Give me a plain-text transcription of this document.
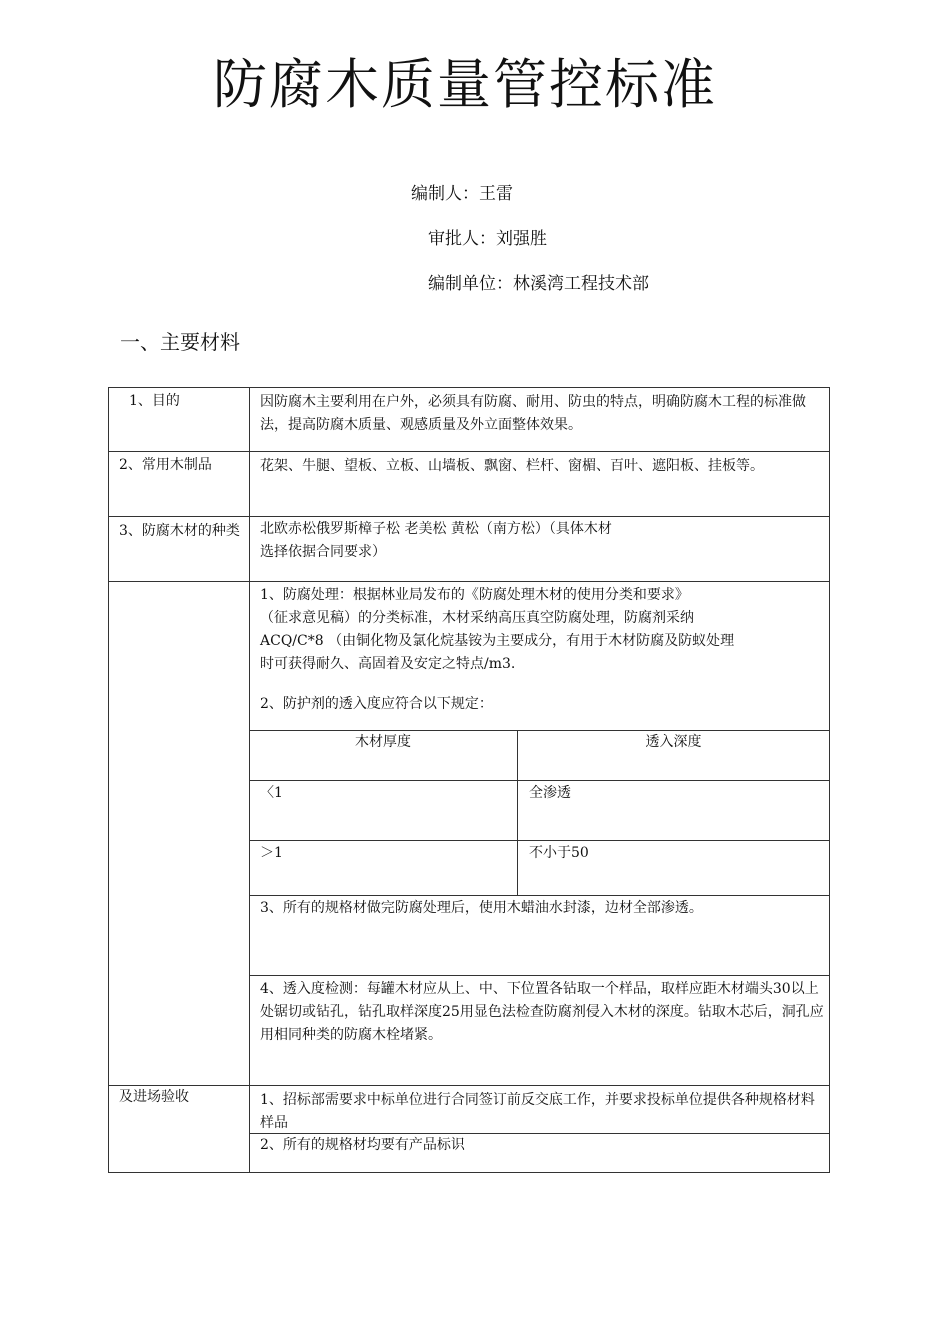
防腐木质量管控标准
编制人：王雷
审批人：刘强胜
编制单位：林溪湾工程技术部
一、主要材料
1、目的	因防腐木主要利用在户外，必须具有防腐、耐用、防虫的特点，明确防腐木工程的标准做法，提高防腐木质量、观感质量及外立面整体效果。
2、常用木制品	花架、牛腿、望板、立板、山墙板、飘窗、栏杆、窗楣、百叶、遮阳板、挂板等。
3、防腐木材的种类	北欧赤松俄罗斯樟子松 老美松 黄松（南方松）（具体木材
选择依据合同要求）
1、防腐处理：根据林业局发布的《防腐处理木材的使用分类和要求》
（征求意见稿）的分类标准，木材采纳高压真空防腐处理，防腐剂采纳
ACQ/C*8 （由铜化物及氯化烷基铵为主要成分，有用于木材防腐及防蚁处理
时可获得耐久、高固着及安定之特点/m3.
2、防护剂的透入度应符合以下规定：
木材厚度	透入深度
〈1	全渗透
＞1	不小于50
3、所有的规格材做完防腐处理后，使用木蜡油水封漆，边材全部渗透。
4、透入度检测：每罐木材应从上、中、下位置各钻取一个样品，取样应距木材端头30以上处锯切或钻孔，钻孔取样深度25用显色法检查防腐剂侵入木材的深度。钻取木芯后，洞孔应用相同种类的防腐木栓堵紧。
及进场验收	1、招标部需要求中标单位进行合同签订前反交底工作，并要求投标单位提供各种规格材料样品
2、所有的规格材均要有产品标识
